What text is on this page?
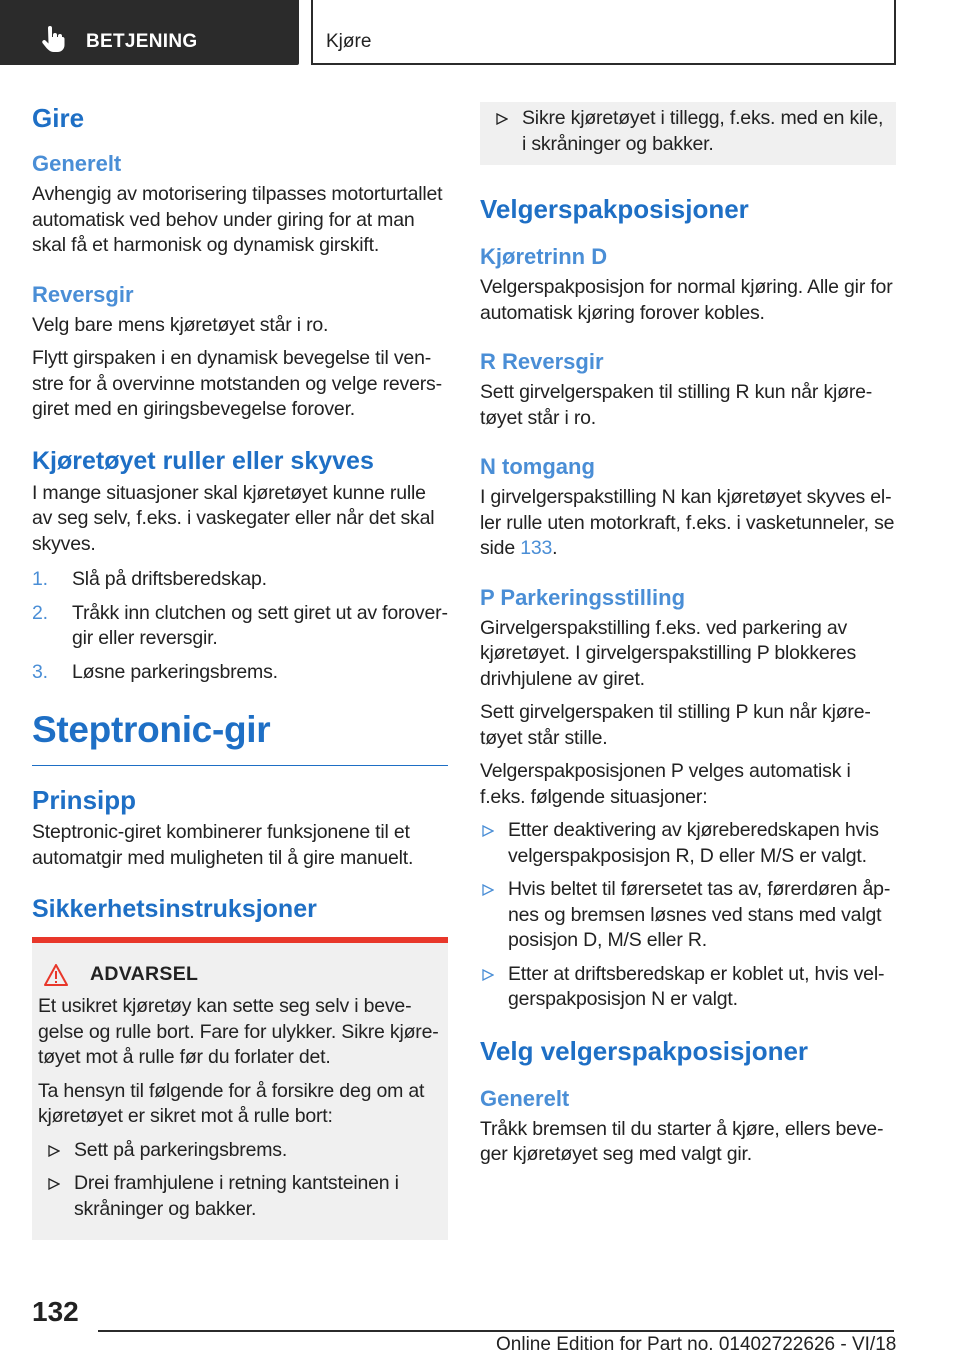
BETJENING	Kjøre
Gire
Generelt

Avhengig av motorisering tilpasses motorturtallet automatisk ved behov under giring for at man skal få et harmonisk og dynamisk girskift.

Reversgir

Velg bare mens kjøretøyet står i ro.

Flytt girspaken i en dynamisk bevegelse til venstre for å overvinne motstanden og velge reversgiret med en giringsbevegelse forover.

Kjøretøyet ruller eller skyves

I mange situasjoner skal kjøretøyet kunne rulle av seg selv, f.eks. i vaskegater eller når det skal skyves.

1. Slå på driftsberedskap.
2. Tråkk inn clutchen og sett giret ut av forovergir eller reversgir.
3. Løsne parkeringsbrems.
Steptronic-gir
Prinsipp

Steptronic-giret kombinerer funksjonene til et automatgir med muligheten til å gire manuelt.

Sikkerhetsinstruksjoner
ADVARSEL

Et usikret kjøretøy kan sette seg selv i bevegelse og rulle bort. Fare for ulykker. Sikre kjøretøyet mot å rulle før du forlater det.

Ta hensyn til følgende for å forsikre deg om at kjøretøyet er sikret mot å rulle bort:

Sett på parkeringsbrems.
Drei framhjulene i retning kantsteinen i skråninger og bakker.
Sikre kjøretøyet i tillegg, f.eks. med en kile, i skråninger og bakker.
Velgerspakposisjoner
Kjøretrinn D

Velgerspakposisjon for normal kjøring. Alle gir for automatisk kjøring forover kobles.

R Reversgir

Sett girvelgerspaken til stilling R kun når kjøretøyet står i ro.

N tomgang

I girvelgerspakstilling N kan kjøretøyet skyves eller rulle uten motorkraft, f.eks. i vasketunneler, se side 133.

P Parkeringsstilling

Girvelgerspakstilling f.eks. ved parkering av kjøretøyet. I girvelgerspakstilling P blokkeres drivhjulene av giret.

Sett girvelgerspaken til stilling P kun når kjøretøyet står stille.

Velgerspakposisjonen P velges automatisk i f.eks. følgende situasjoner:

Etter deaktivering av kjøreberedskapen hvis velgerspakposisjon R, D eller M/S er valgt.
Hvis beltet til førersetet tas av, førerdøren åpnes og bremsen løsnes ved stans med valgt posisjon D, M/S eller R.
Etter at driftsberedskap er koblet ut, hvis velgerspakposisjon N er valgt.
Velg velgerspakposisjoner
Generelt

Tråkk bremsen til du starter å kjøre, ellers beveger kjøretøyet seg med valgt gir.

132
Online Edition for Part no. 01402722626 - VI/18
